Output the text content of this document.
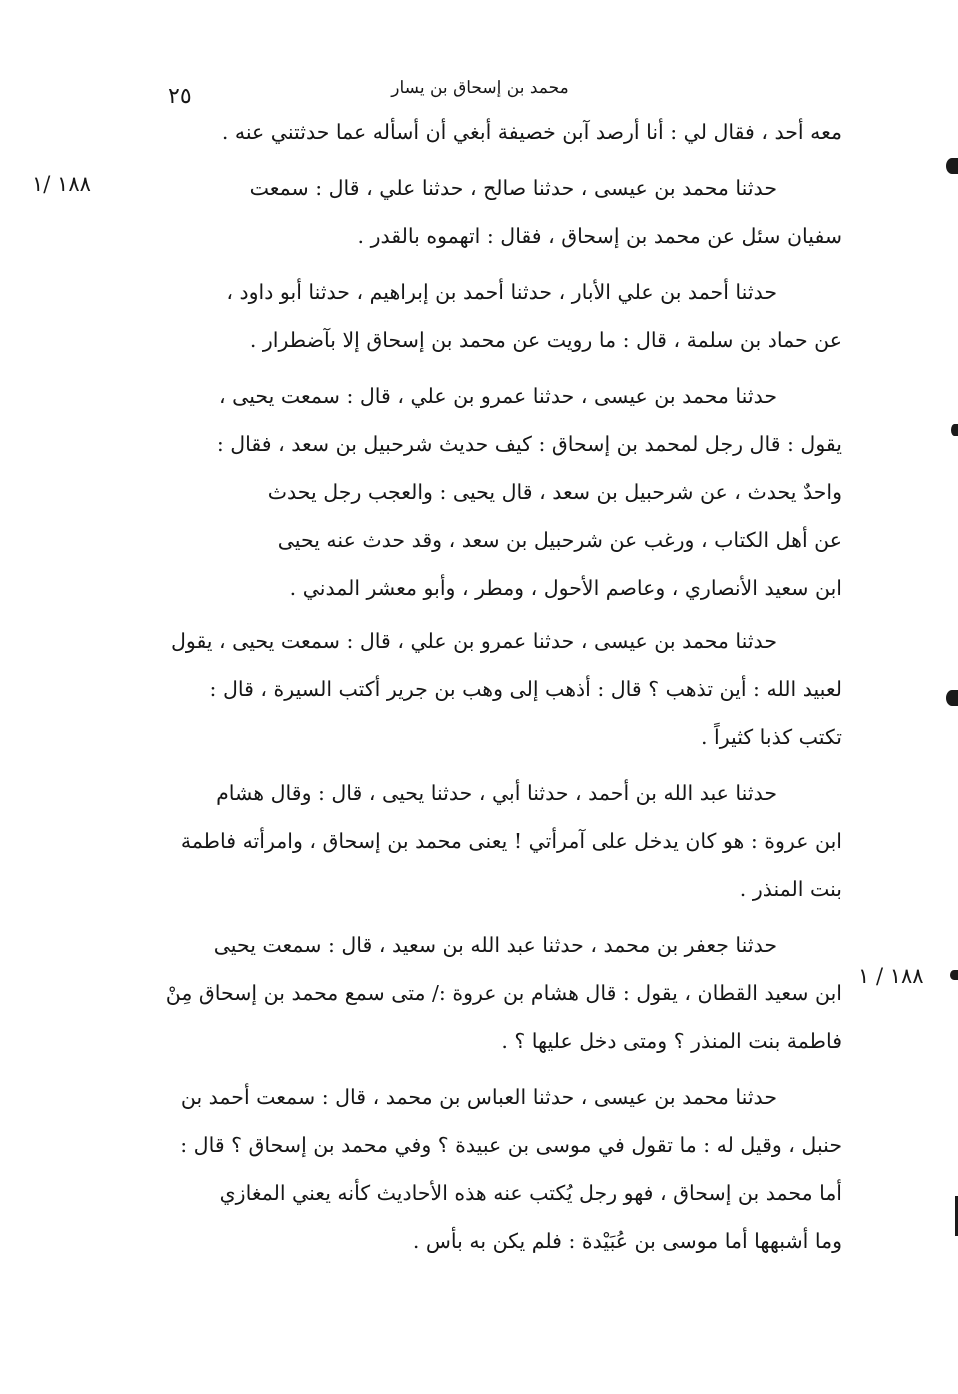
٢٥	محمد بن إسحاق بن يسار
١٨٨ /١
١٨٨ / ١
معه أحد ، فقال لي : أنا أرصد آبن خصيفة أبغي أن أسأله عما حدثتني عنه .
حدثنا محمد بن عيسى ، حدثنا صالح ، حدثنا علي ، قال : سمعت
سفيان سئل عن محمد بن إسحاق ، فقال : اتهموه بالقدر .
حدثنا أحمد بن علي الأبار ، حدثنا أحمد بن إبراهيم ، حدثنا أبو داود ،
عن حماد بن سلمة ، قال : ما رويت عن محمد بن إسحاق إلا بآضطرار .
حدثنا محمد بن عيسى ، حدثنا عمرو بن علي ، قال : سمعت يحيى ،
يقول : قال رجل لمحمد بن إسحاق : كيف حديث شرحبيل بن سعد ، فقال :
واحدٌ يحدث ، عن شرحبيل بن سعد ، قال يحيى : والعجب رجل يحدث
عن أهل الكتاب ، ورغب عن شرحبيل بن سعد ، وقد حدث عنه يحيى
ابن سعيد الأنصاري ، وعاصم الأحول ، ومطر ، وأبو معشر المدني .
حدثنا محمد بن عيسى ، حدثنا عمرو بن علي ، قال : سمعت يحيى ، يقول
لعبيد الله : أين تذهب ؟ قال : أذهب إلى وهب بن جرير أكتب السيرة ، قال :
تكتب كذبا كثيراً .
حدثنا عبد الله بن أحمد ، حدثنا أبي ، حدثنا يحيى ، قال : وقال هشام
ابن عروة : هو كان يدخل على آمرأتي ! يعنى محمد بن إسحاق ، وامرأته فاطمة
بنت المنذر .
حدثنا جعفر بن محمد ، حدثنا عبد الله بن سعيد ، قال : سمعت يحيى
ابن سعيد القطان ، يقول : قال هشام بن عروة :/ متى سمع محمد بن إسحاق مِنْ
فاطمة بنت المنذر ؟ ومتى دخل عليها ؟ .
حدثنا محمد بن عيسى ، حدثنا العباس بن محمد ، قال : سمعت أحمد بن
حنبل ، وقيل له : ما تقول في موسى بن عبيدة ؟ وفي محمد بن إسحاق ؟ قال :
أما محمد بن إسحاق ، فهو رجل يُكتب عنه هذه الأحاديث كأنه يعني المغازي
وما أشبهها أما موسى بن عُبَيْدة : فلم يكن به بأس .
